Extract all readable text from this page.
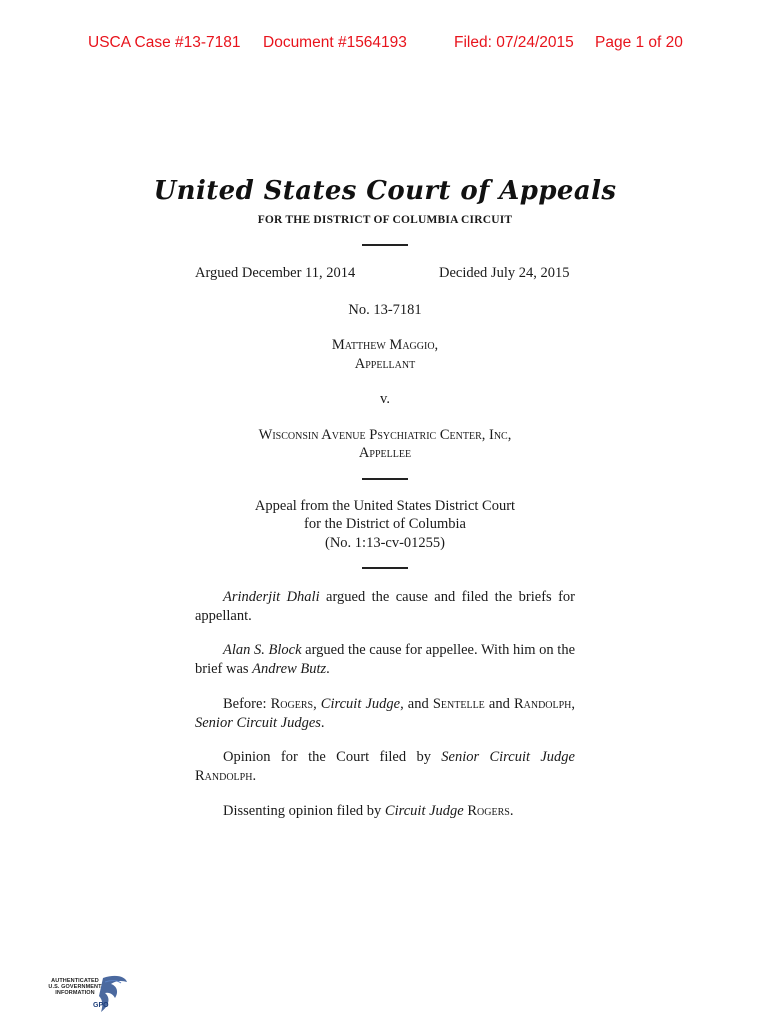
USCA Case #13-7181 Document #1564193	Filed: 07/24/2015 Page 1 of 20
United States Court of Appeals
FOR THE DISTRICT OF COLUMBIA CIRCUIT
Argued December 11, 2014	Decided July 24, 2015
No. 13-7181
Matthew Maggio,
Appellant
v.
Wisconsin Avenue Psychiatric Center, Inc,
Appellee
Appeal from the United States District Court
for the District of Columbia
(No. 1:13-cv-01255)
Arinderjit Dhali argued the cause and filed the briefs for appellant.
Alan S. Block argued the cause for appellee. With him on the brief was Andrew Butz.
Before: Rogers, Circuit Judge, and Sentelle and Randolph, Senior Circuit Judges.
Opinion for the Court filed by Senior Circuit Judge Randolph.
Dissenting opinion filed by Circuit Judge Rogers.
AUTHENTICATED
U.S. GOVERNMENT
INFORMATION
GPO
